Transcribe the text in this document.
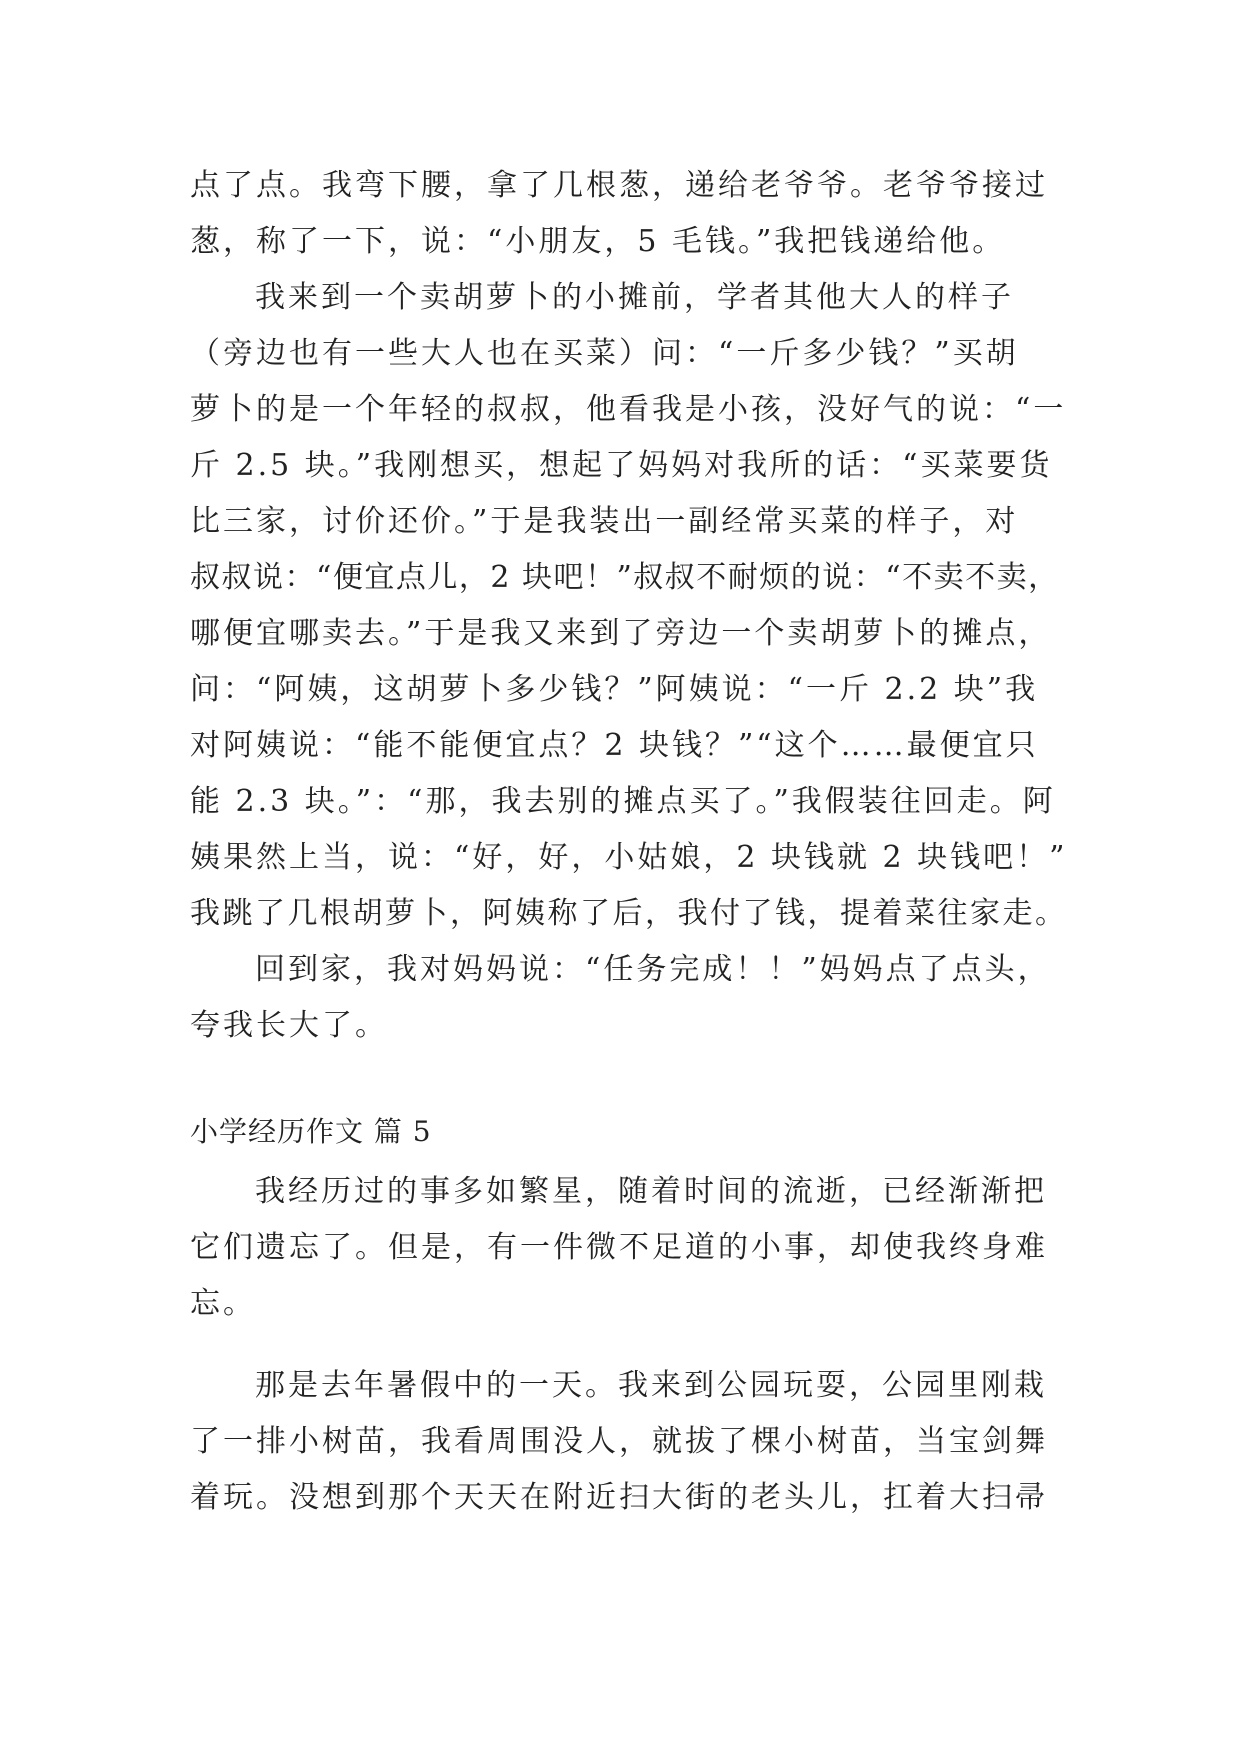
点了点。我弯下腰，拿了几根葱，递给老爷爷。老爷爷接过
葱，称了一下，说：“小朋友，5 毛钱。”我把钱递给他。
我来到一个卖胡萝卜的小摊前，学者其他大人的样子
（旁边也有一些大人也在买菜）问：“一斤多少钱？”买胡
萝卜的是一个年轻的叔叔，他看我是小孩，没好气的说：“一
斤 2.5 块。”我刚想买，想起了妈妈对我所的话：“买菜要货
比三家，讨价还价。”于是我装出一副经常买菜的样子，对
叔叔说：“便宜点儿，2 块吧！”叔叔不耐烦的说：“不卖不卖，
哪便宜哪卖去。”于是我又来到了旁边一个卖胡萝卜的摊点，
问：“阿姨，这胡萝卜多少钱？”阿姨说：“一斤 2.2 块”我
对阿姨说：“能不能便宜点？2 块钱？”“这个……最便宜只
能 2.3 块。”：“那，我去别的摊点买了。”我假装往回走。阿
姨果然上当，说：“好，好，小姑娘，2 块钱就 2 块钱吧！”
我跳了几根胡萝卜，阿姨称了后，我付了钱，提着菜往家走。
回到家，我对妈妈说：“任务完成！！”妈妈点了点头，
夸我长大了。
小学经历作文 篇 5
我经历过的事多如繁星，随着时间的流逝，已经渐渐把
它们遗忘了。但是，有一件微不足道的小事，却使我终身难
忘。
那是去年暑假中的一天。我来到公园玩耍，公园里刚栽
了一排小树苗，我看周围没人，就拔了棵小树苗，当宝剑舞
着玩。没想到那个天天在附近扫大街的老头儿，扛着大扫帚
